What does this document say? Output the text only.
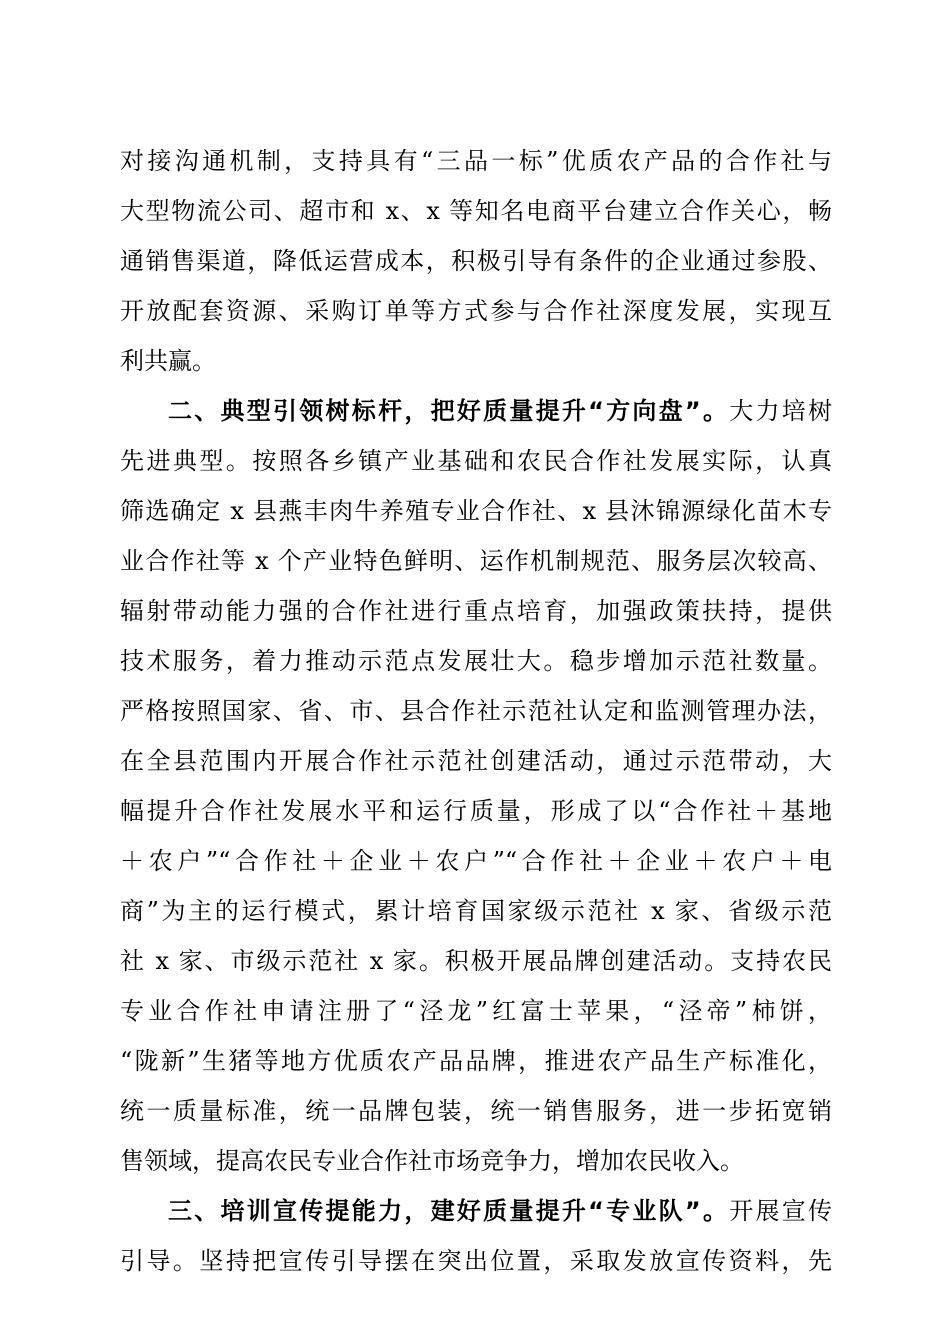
对接沟通机制，支持具有“三品一标”优质农产品的合作社与
大型物流公司、超市和 x、x 等知名电商平台建立合作关心，畅
通销售渠道，降低运营成本，积极引导有条件的企业通过参股、
开放配套资源、采购订单等方式参与合作社深度发展，实现互
利共赢。
二、典型引领树标杆，把好质量提升“方向盘”。大力培树
先进典型。按照各乡镇产业基础和农民合作社发展实际，认真
筛选确定 x 县燕丰肉牛养殖专业合作社、x 县沐锦源绿化苗木专
业合作社等 x 个产业特色鲜明、运作机制规范、服务层次较高、
辐射带动能力强的合作社进行重点培育，加强政策扶持，提供
技术服务，着力推动示范点发展壮大。稳步增加示范社数量。
严格按照国家、省、市、县合作社示范社认定和监测管理办法，
在全县范围内开展合作社示范社创建活动，通过示范带动，大
幅提升合作社发展水平和运行质量，形成了以“合作社＋基地
＋农户”“合作社＋企业＋农户”“合作社＋企业＋农户＋电
商”为主的运行模式，累计培育国家级示范社 x 家、省级示范
社 x 家、市级示范社 x 家。积极开展品牌创建活动。支持农民
专业合作社申请注册了“泾龙”红富士苹果，“泾帝”柿饼，
“陇新”生猪等地方优质农产品品牌，推进农产品生产标准化，
统一质量标准，统一品牌包装，统一销售服务，进一步拓宽销
售领域，提高农民专业合作社市场竞争力，增加农民收入。
三、培训宣传提能力，建好质量提升“专业队”。开展宣传
引导。坚持把宣传引导摆在突出位置，采取发放宣传资料，先
